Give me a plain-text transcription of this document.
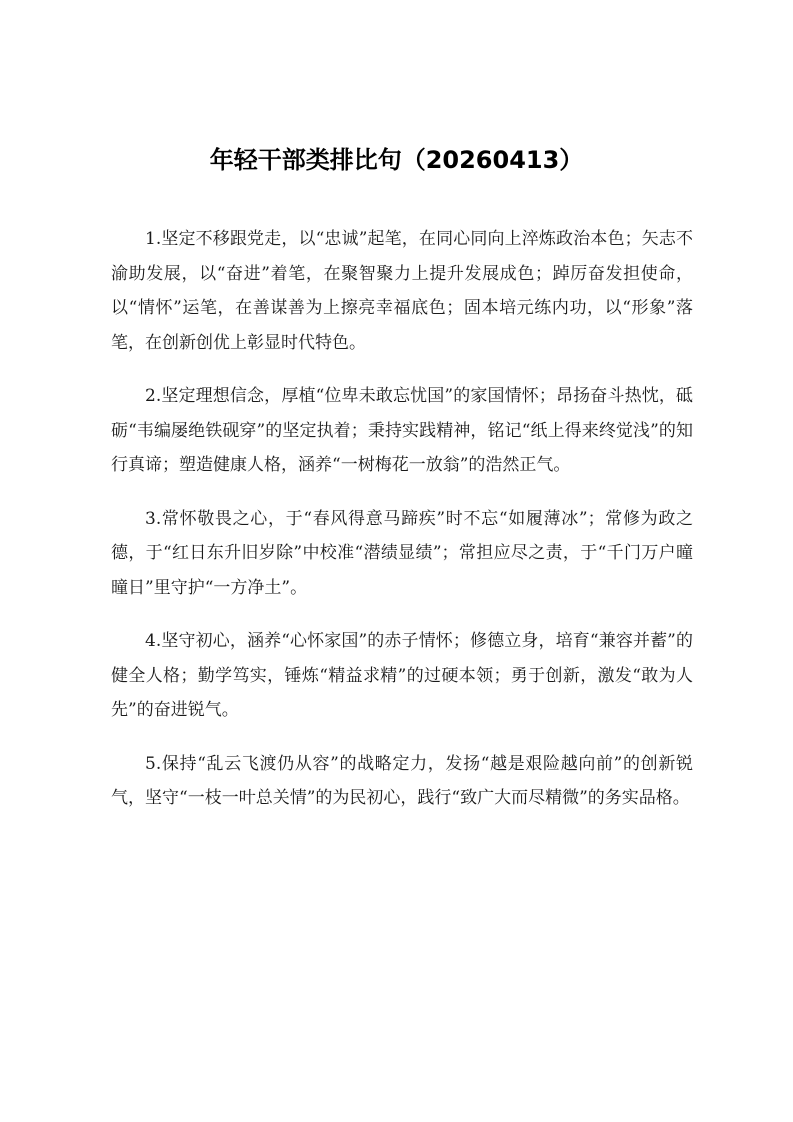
年轻干部类排比句（20260413）

1.坚定不移跟党走，以“忠诚”起笔，在同心同向上淬炼政治本色；矢志不渝助发展，以“奋进”着笔，在聚智聚力上提升发展成色；踔厉奋发担使命，以“情怀”运笔，在善谋善为上擦亮幸福底色；固本培元练内功，以“形象”落笔，在创新创优上彰显时代特色。

2.坚定理想信念，厚植“位卑未敢忘忧国”的家国情怀；昂扬奋斗热忱，砥砺“韦编屡绝铁砚穿”的坚定执着；秉持实践精神，铭记“纸上得来终觉浅”的知行真谛；塑造健康人格，涵养“一树梅花一放翁”的浩然正气。

3.常怀敬畏之心，于“春风得意马蹄疾”时不忘“如履薄冰”；常修为政之德，于“红日东升旧岁除”中校准“潜绩显绩”；常担应尽之责，于“千门万户曈曈日”里守护“一方净土”。

4.坚守初心，涵养“心怀家国”的赤子情怀；修德立身，培育“兼容并蓄”的健全人格；勤学笃实，锤炼“精益求精”的过硬本领；勇于创新，激发“敢为人先”的奋进锐气。

5.保持“乱云飞渡仍从容”的战略定力，发扬“越是艰险越向前”的创新锐气，坚守“一枝一叶总关情”的为民初心，践行“致广大而尽精微”的务实品格。
